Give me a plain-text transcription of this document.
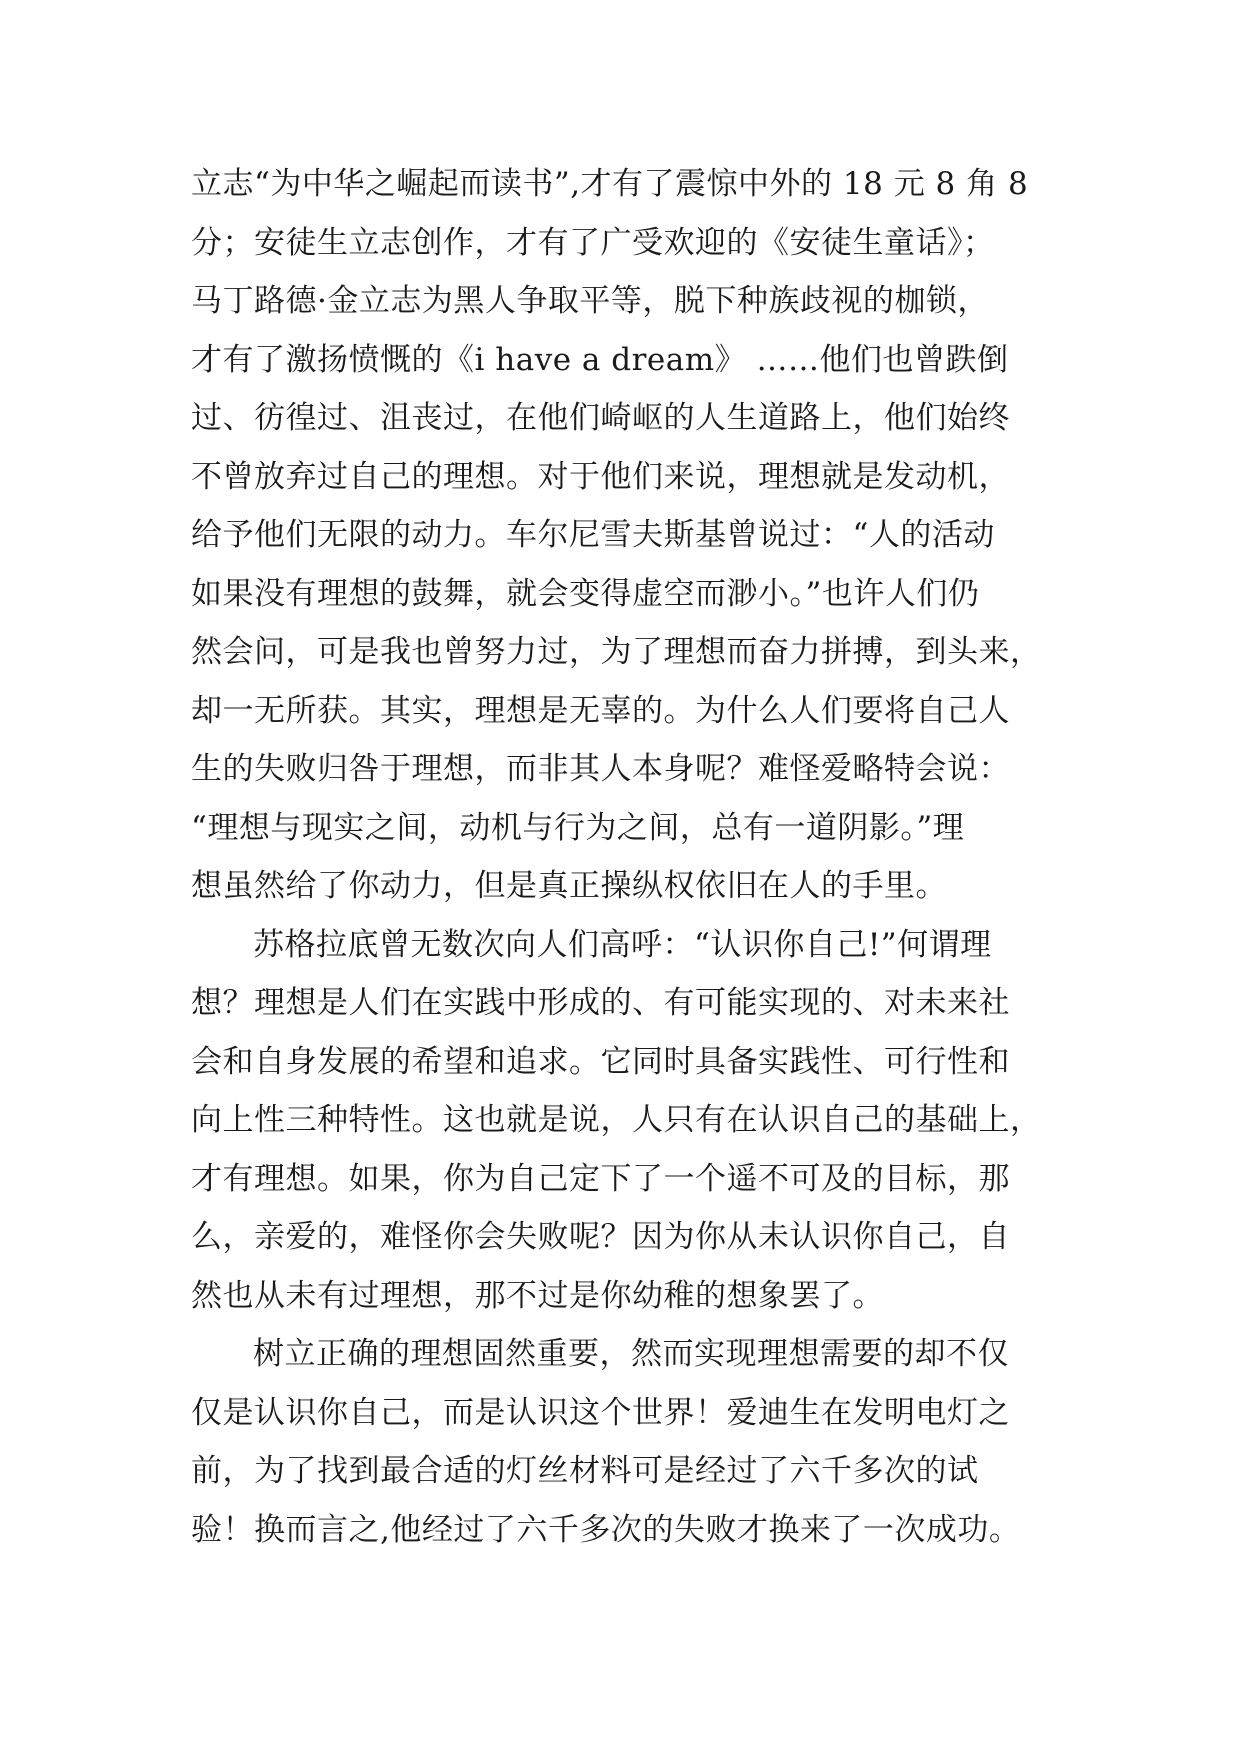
立志“为中华之崛起而读书”,才有了震惊中外的 18 元 8 角 8
分；安徒生立志创作，才有了广受欢迎的《安徒生童话》；
马丁路德·金立志为黑人争取平等，脱下种族歧视的枷锁，
才有了激扬愤慨的《i have a dream》 ……他们也曾跌倒
过、彷徨过、沮丧过，在他们崎岖的人生道路上，他们始终
不曾放弃过自己的理想。对于他们来说，理想就是发动机，
给予他们无限的动力。车尔尼雪夫斯基曾说过：“人的活动
如果没有理想的鼓舞，就会变得虚空而渺小。”也许人们仍
然会问，可是我也曾努力过，为了理想而奋力拼搏，到头来，
却一无所获。其实，理想是无辜的。为什么人们要将自己人
生的失败归咎于理想，而非其人本身呢？难怪爱略特会说：
“理想与现实之间，动机与行为之间，总有一道阴影。”理
想虽然给了你动力，但是真正操纵权依旧在人的手里。
苏格拉底曾无数次向人们高呼：“认识你自己!”何谓理
想？理想是人们在实践中形成的、有可能实现的、对未来社
会和自身发展的希望和追求。它同时具备实践性、可行性和
向上性三种特性。这也就是说，人只有在认识自己的基础上，
才有理想。如果，你为自己定下了一个遥不可及的目标，那
么，亲爱的，难怪你会失败呢？因为你从未认识你自己，自
然也从未有过理想，那不过是你幼稚的想象罢了。
树立正确的理想固然重要，然而实现理想需要的却不仅
仅是认识你自己，而是认识这个世界！爱迪生在发明电灯之
前，为了找到最合适的灯丝材料可是经过了六千多次的试
验！换而言之,他经过了六千多次的失败才换来了一次成功。
